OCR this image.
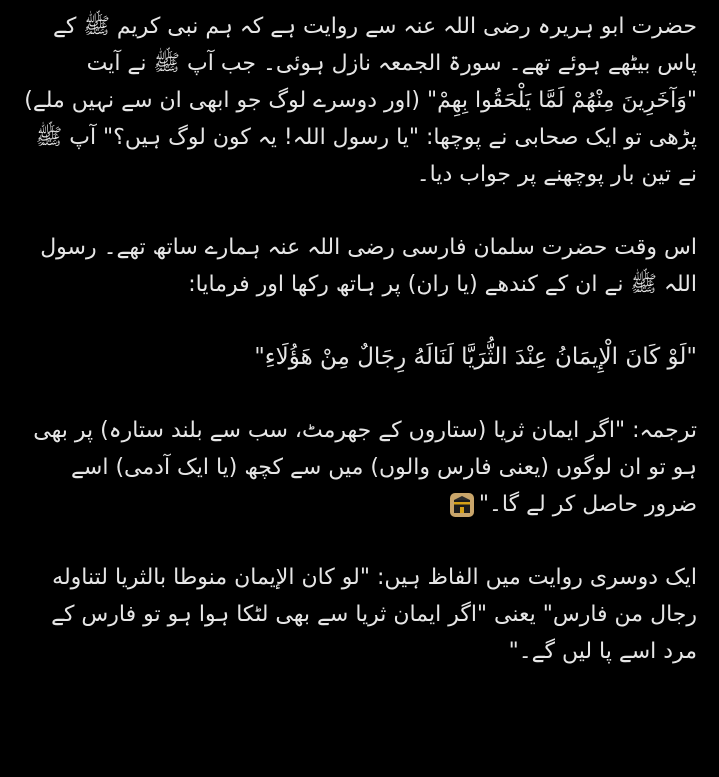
حضرت ابو ہریرہ رضی اللہ عنہ سے روایت ہے کہ ہم نبی کریم ﷺ کے پاس بیٹھے ہوئے تھے۔ سورۃ الجمعہ نازل ہوئی۔ جب آپ ﷺ نے آیت "وَآخَرِينَ مِنْهُمْ لَمَّا يَلْحَقُوا بِهِمْ" (اور دوسرے لوگ جو ابھی ان سے نہیں ملے) پڑھی تو ایک صحابی نے پوچھا: "یا رسول اللہ! یہ کون لوگ ہیں؟" آپ ﷺ نے تین بار پوچھنے پر جواب دیا۔

اس وقت حضرت سلمان فارسی رضی اللہ عنہ ہمارے ساتھ تھے۔ رسول اللہ ﷺ نے ان کے کندھے (یا ران) پر ہاتھ رکھا اور فرمایا:

"لَوْ كَانَ الْإِيمَانُ عِنْدَ الثُّرَيَّا لَنَالَهُ رِجَالٌ مِنْ هَؤُلَاءِ"

ترجمہ: "اگر ایمان ثریا (ستاروں کے جھرمٹ، سب سے بلند ستارہ) پر بھی ہو تو ان لوگوں (یعنی فارس والوں) میں سے کچھ (یا ایک آدمی) اسے ضرور حاصل کر لے گا۔"

ایک دوسری روایت میں الفاظ ہیں: "لو كان الإيمان منوطا بالثريا لتناوله رجال من فارس" یعنی "اگر ایمان ثریا سے بھی لٹکا ہوا ہو تو فارس کے مرد اسے پا لیں گے۔"
